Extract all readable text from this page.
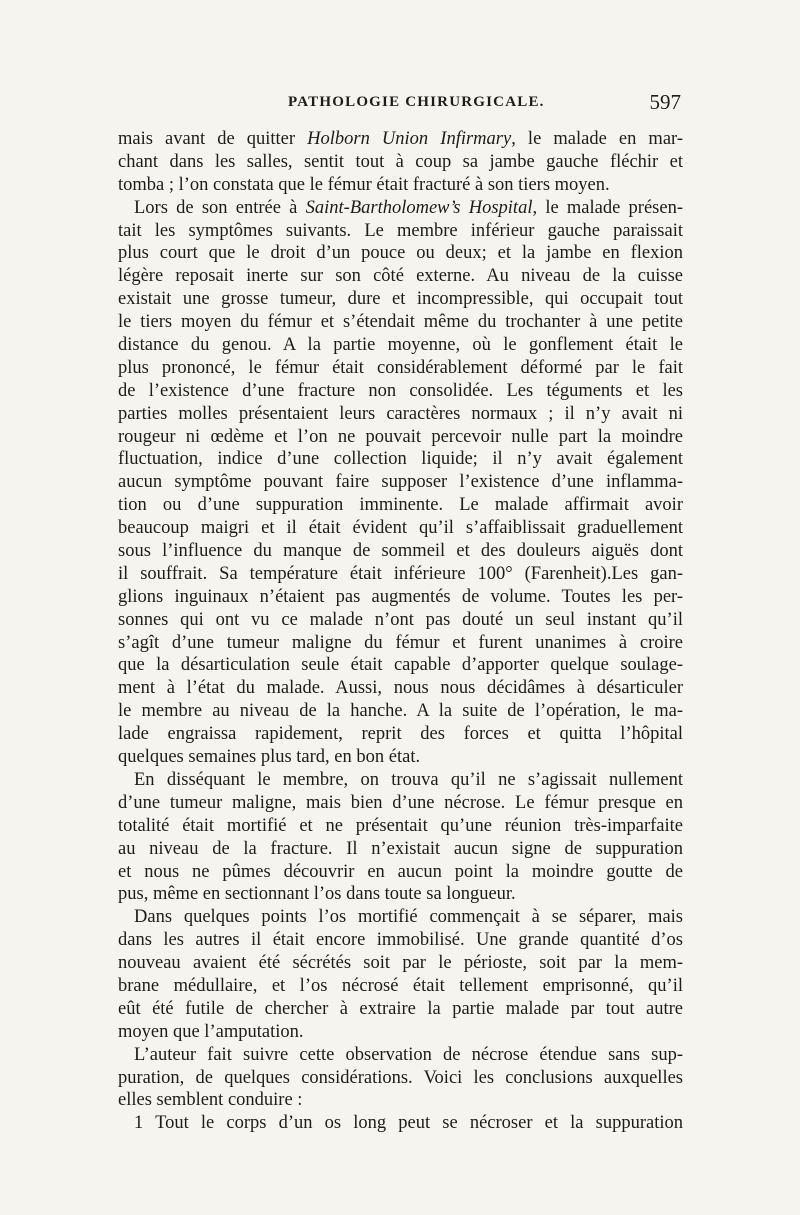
PATHOLOGIE CHIRURGICALE.	597
mais avant de quitter Holborn Union Infirmary, le malade en mar-
chant dans les salles, sentit tout à coup sa jambe gauche fléchir et
tomba ; l’on constata que le fémur était fracturé à son tiers moyen.
Lors de son entrée à Saint-Bartholomew’s Hospital, le malade présen-
tait les symptômes suivants. Le membre inférieur gauche paraissait
plus court que le droit d’un pouce ou deux; et la jambe en flexion
légère reposait inerte sur son côté externe. Au niveau de la cuisse
existait une grosse tumeur, dure et incompressible, qui occupait tout
le tiers moyen du fémur et s’étendait même du trochanter à une petite
distance du genou. A la partie moyenne, où le gonflement était le
plus prononcé, le fémur était considérablement déformé par le fait
de l’existence d’une fracture non consolidée. Les téguments et les
parties molles présentaient leurs caractères normaux ; il n’y avait ni
rougeur ni œdème et l’on ne pouvait percevoir nulle part la moindre
fluctuation, indice d’une collection liquide; il n’y avait également
aucun symptôme pouvant faire supposer l’existence d’une inflamma-
tion ou d’une suppuration imminente. Le malade affirmait avoir
beaucoup maigri et il était évident qu’il s’affaiblissait graduellement
sous l’influence du manque de sommeil et des douleurs aiguës dont
il souffrait. Sa température était inférieure 100° (Farenheit).Les gan-
glions inguinaux n’étaient pas augmentés de volume. Toutes les per-
sonnes qui ont vu ce malade n’ont pas douté un seul instant qu’il
s’agît d’une tumeur maligne du fémur et furent unanimes à croire
que la désarticulation seule était capable d’apporter quelque soulage-
ment à l’état du malade. Aussi, nous nous décidâmes à désarticuler
le membre au niveau de la hanche. A la suite de l’opération, le ma-
lade engraissa rapidement, reprit des forces et quitta l’hôpital
quelques semaines plus tard, en bon état.
En disséquant le membre, on trouva qu’il ne s’agissait nullement
d’une tumeur maligne, mais bien d’une nécrose. Le fémur presque en
totalité était mortifié et ne présentait qu’une réunion très-imparfaite
au niveau de la fracture. Il n’existait aucun signe de suppuration
et nous ne pûmes découvrir en aucun point la moindre goutte de
pus, même en sectionnant l’os dans toute sa longueur.
Dans quelques points l’os mortifié commençait à se séparer, mais
dans les autres il était encore immobilisé. Une grande quantité d’os
nouveau avaient été sécrétés soit par le périoste, soit par la mem-
brane médullaire, et l’os nécrosé était tellement emprisonné, qu’il
eût été futile de chercher à extraire la partie malade par tout autre
moyen que l’amputation.
L’auteur fait suivre cette observation de nécrose étendue sans sup-
puration, de quelques considérations. Voici les conclusions auxquelles
elles semblent conduire :
1 Tout le corps d’un os long peut se nécroser et la suppuration
